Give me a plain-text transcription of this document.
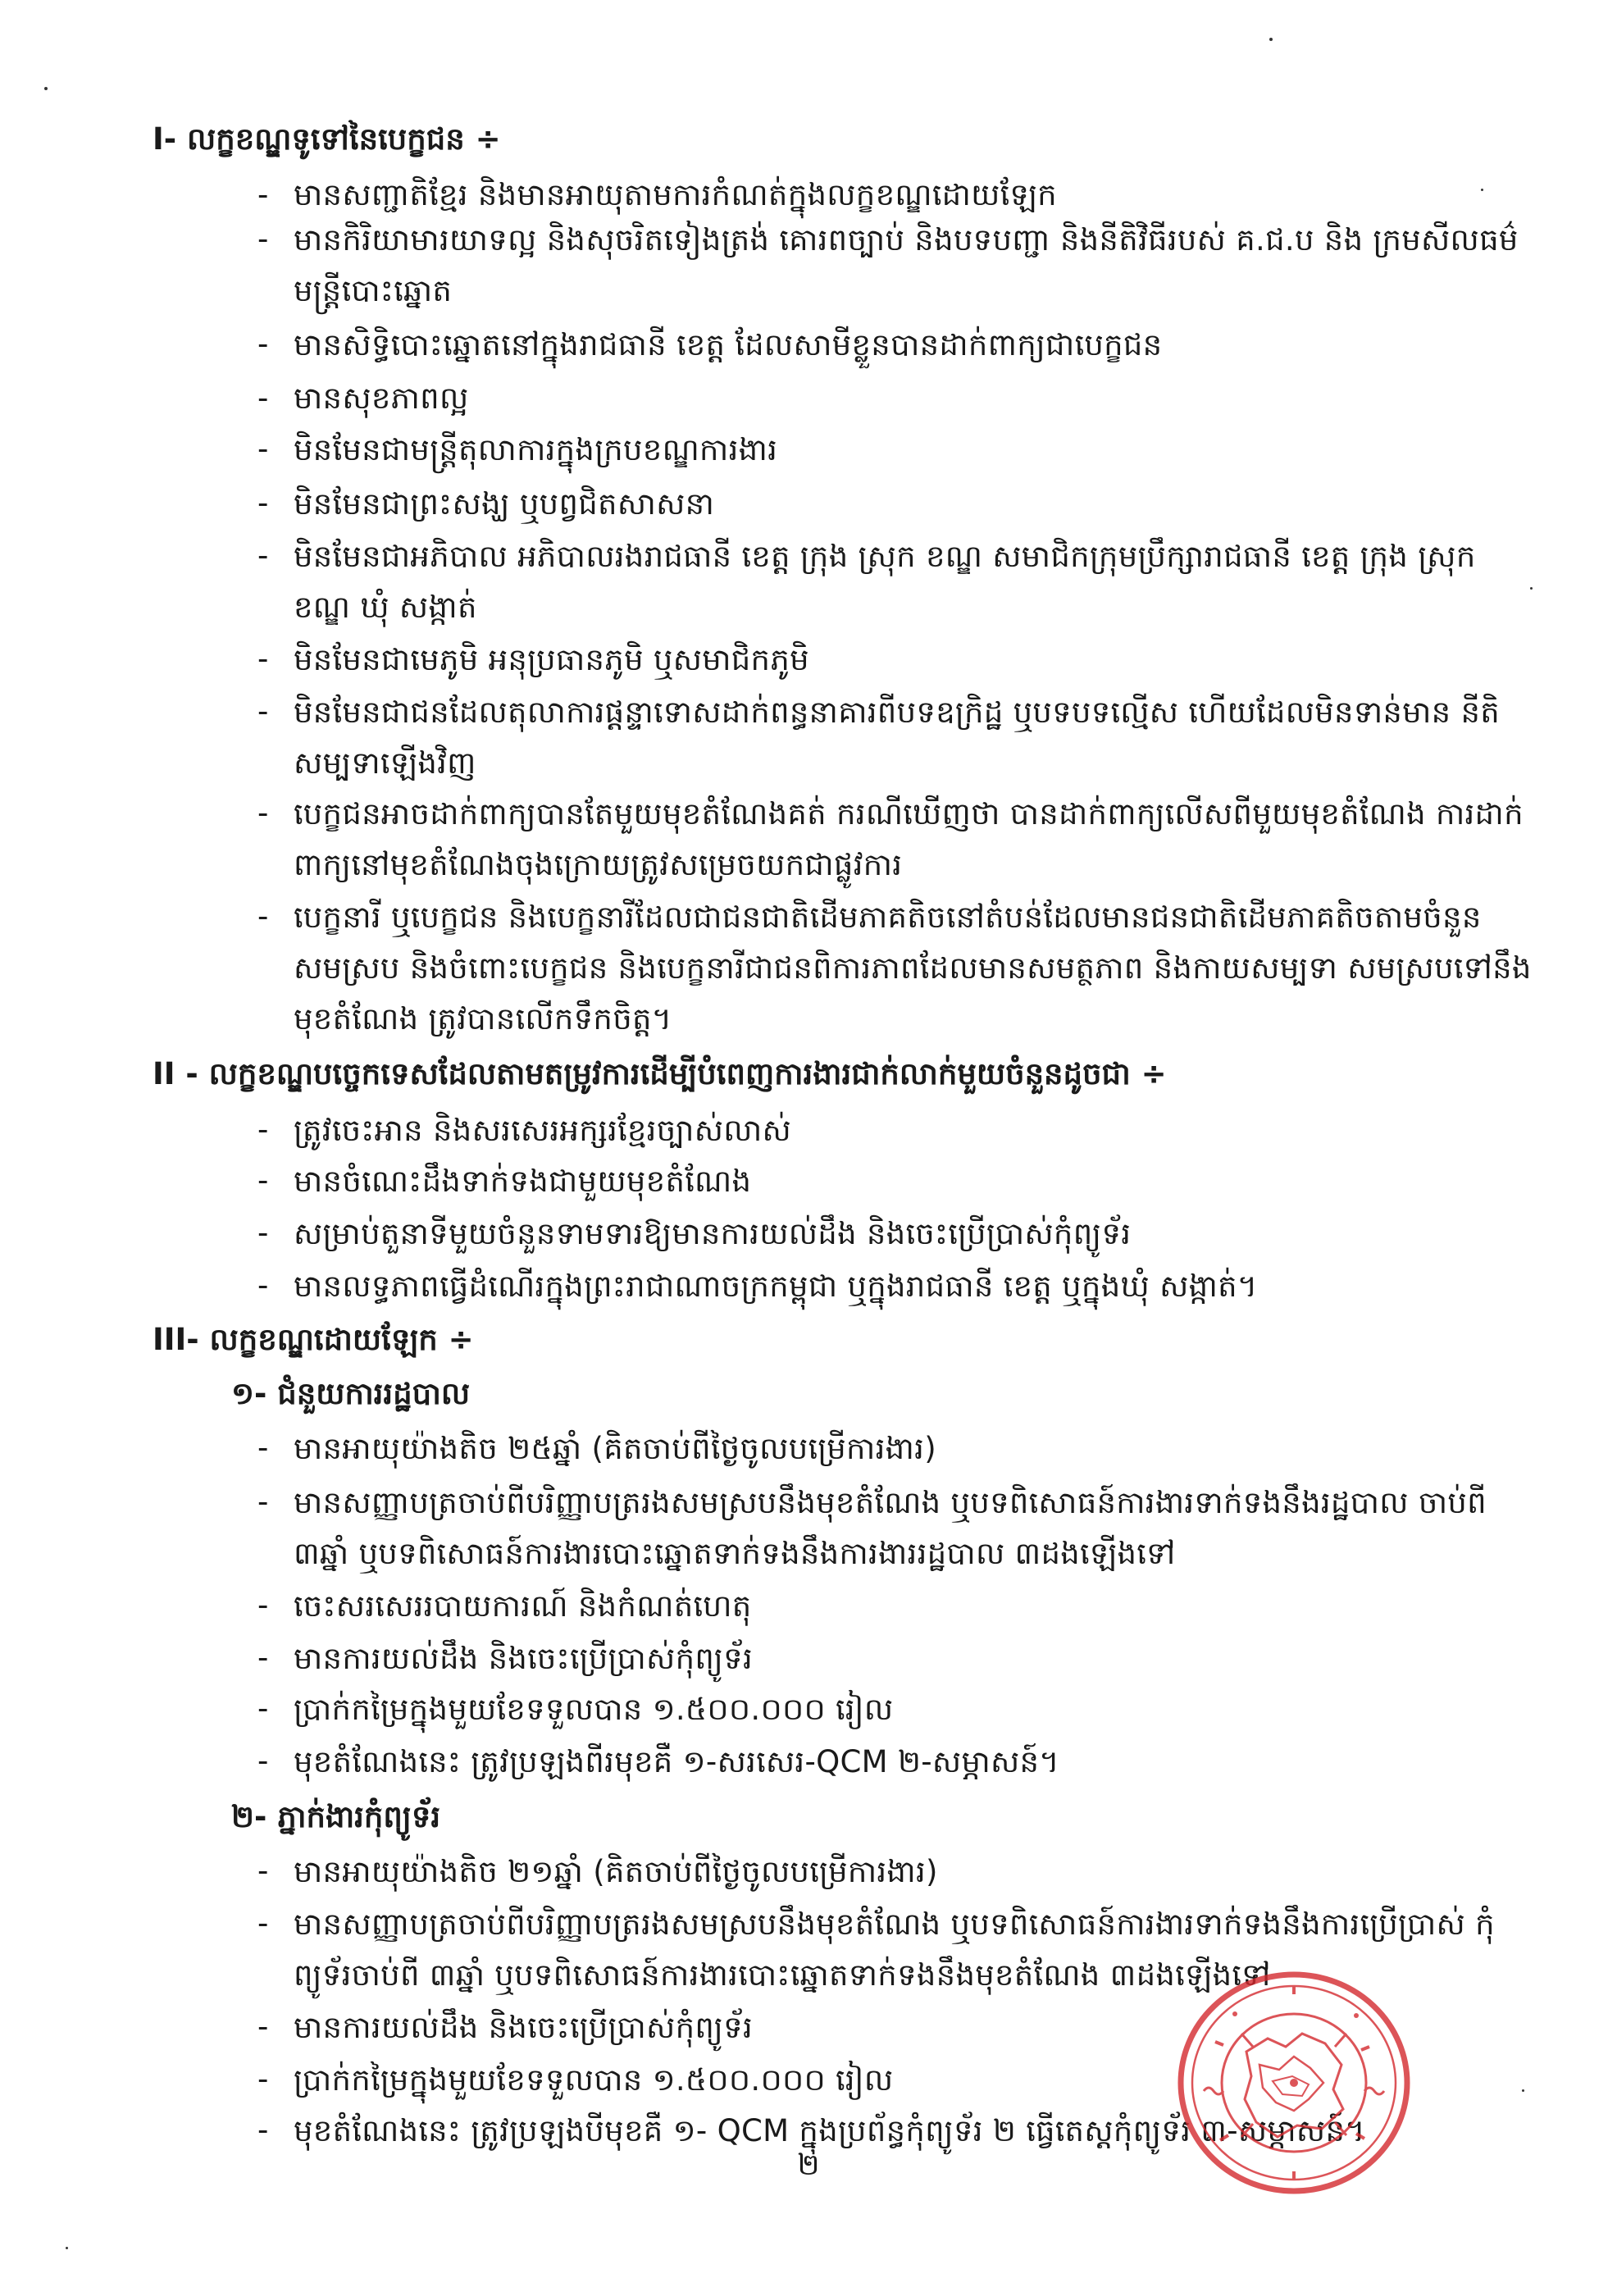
I- លក្ខខណ្ឌទូទៅនៃបេក្ខជន ÷
- មានសញ្ជាតិខ្មែរ និងមានអាយុតាមការកំណត់ក្នុងលក្ខខណ្ឌដោយឡែក
- មានកិរិយាមារយាទល្អ និងសុចរិតទៀងត្រង់ គោរពច្បាប់ និងបទបញ្ជា និងនីតិវិធីរបស់ គ.ជ.ប និង ក្រមសីលធម៌មន្ត្រីបោះឆ្នោត
- មានសិទ្ធិបោះឆ្នោតនៅក្នុងរាជធានី ខេត្ត ដែលសាមីខ្លួនបានដាក់ពាក្យជាបេក្ខជន
- មានសុខភាពល្អ
- មិនមែនជាមន្ត្រីតុលាការក្នុងក្របខណ្ឌការងារ
- មិនមែនជាព្រះសង្ឃ ឬបព្វជិតសាសនា
- មិនមែនជាអភិបាល អភិបាលរងរាជធានី ខេត្ត ក្រុង ស្រុក ខណ្ឌ សមាជិកក្រុមប្រឹក្សារាជធានី ខេត្ត ក្រុង ស្រុក ខណ្ឌ ឃុំ សង្កាត់
- មិនមែនជាមេភូមិ អនុប្រធានភូមិ ឬសមាជិកភូមិ
- មិនមែនជាជនដែលតុលាការផ្តន្ទាទោសដាក់ពន្ធនាគារពីបទឧក្រិដ្ឋ ឬបទបទល្មើស ហើយដែលមិនទាន់មាន នីតិសម្បទាឡើងវិញ
- បេក្ខជនអាចដាក់ពាក្យបានតែមួយមុខតំណែងគត់ ករណីឃើញថា បានដាក់ពាក្យលើសពីមួយមុខតំណែង ការដាក់ពាក្យនៅមុខតំណែងចុងក្រោយត្រូវសម្រេចយកជាផ្លូវការ
- បេក្ខនារី ឬបេក្ខជន និងបេក្ខនារីដែលជាជនជាតិដើមភាគតិចនៅតំបន់ដែលមានជនជាតិដើមភាគតិចតាមចំនួន សមស្រប និងចំពោះបេក្ខជន និងបេក្ខនារីជាជនពិការភាពដែលមានសមត្ថភាព និងកាយសម្បទា សមស្របទៅនឹងមុខតំណែង ត្រូវបានលើកទឹកចិត្ត។
II - លក្ខខណ្ឌបច្ចេកទេសដែលតាមតម្រូវការដើម្បីបំពេញការងារជាក់លាក់មួយចំនួនដូចជា ÷
- ត្រូវចេះអាន និងសរសេរអក្សរខ្មែរច្បាស់លាស់
- មានចំណេះដឹងទាក់ទងជាមួយមុខតំណែង
- សម្រាប់តួនាទីមួយចំនួនទាមទារឱ្យមានការយល់ដឹង និងចេះប្រើប្រាស់កុំព្យូទ័រ
- មានលទ្ធភាពធ្វើដំណើរក្នុងព្រះរាជាណាចក្រកម្ពុជា ឬក្នុងរាជធានី ខេត្ត ឬក្នុងឃុំ សង្កាត់។
III- លក្ខខណ្ឌដោយឡែក ÷
១- ជំនួយការរដ្ឋបាល
- មានអាយុយ៉ាងតិច ២៥ឆ្នាំ (គិតចាប់ពីថ្ងៃចូលបម្រើការងារ)
- មានសញ្ញាបត្រចាប់ពីបរិញ្ញាបត្ររងសមស្របនឹងមុខតំណែង ឬបទពិសោធន៍ការងារទាក់ទងនឹងរដ្ឋបាល ចាប់ពី ៣ឆ្នាំ ឬបទពិសោធន៍ការងារបោះឆ្នោតទាក់ទងនឹងការងាររដ្ឋបាល ៣ដងឡើងទៅ
- ចេះសរសេររបាយការណ៍ និងកំណត់ហេតុ
- មានការយល់ដឹង និងចេះប្រើប្រាស់កុំព្យូទ័រ
- ប្រាក់កម្រៃក្នុងមួយខែទទួលបាន ១.៥០០.០០០ រៀល
- មុខតំណែងនេះ ត្រូវប្រឡងពីរមុខគឺ ១-សរសេរ-QCM ២-សម្ភាសន៍។
២- ភ្នាក់ងារកុំព្យូទ័រ
- មានអាយុយ៉ាងតិច ២១ឆ្នាំ (គិតចាប់ពីថ្ងៃចូលបម្រើការងារ)
- មានសញ្ញាបត្រចាប់ពីបរិញ្ញាបត្ររងសមស្របនឹងមុខតំណែង ឬបទពិសោធន៍ការងារទាក់ទងនឹងការប្រើប្រាស់ កុំព្យូទ័រចាប់ពី ៣ឆ្នាំ ឬបទពិសោធន៍ការងារបោះឆ្នោតទាក់ទងនឹងមុខតំណែង ៣ដងឡើងទៅ
- មានការយល់ដឹង និងចេះប្រើប្រាស់កុំព្យូទ័រ
- ប្រាក់កម្រៃក្នុងមួយខែទទួលបាន ១.៥០០.០០០ រៀល
- មុខតំណែងនេះ ត្រូវប្រឡងបីមុខគឺ ១- QCM ក្នុងប្រព័ន្ធកុំព្យូទ័រ ២ ធ្វើតេស្តកុំព្យូទ័រ ៣-សម្ភាសន៍។
២
